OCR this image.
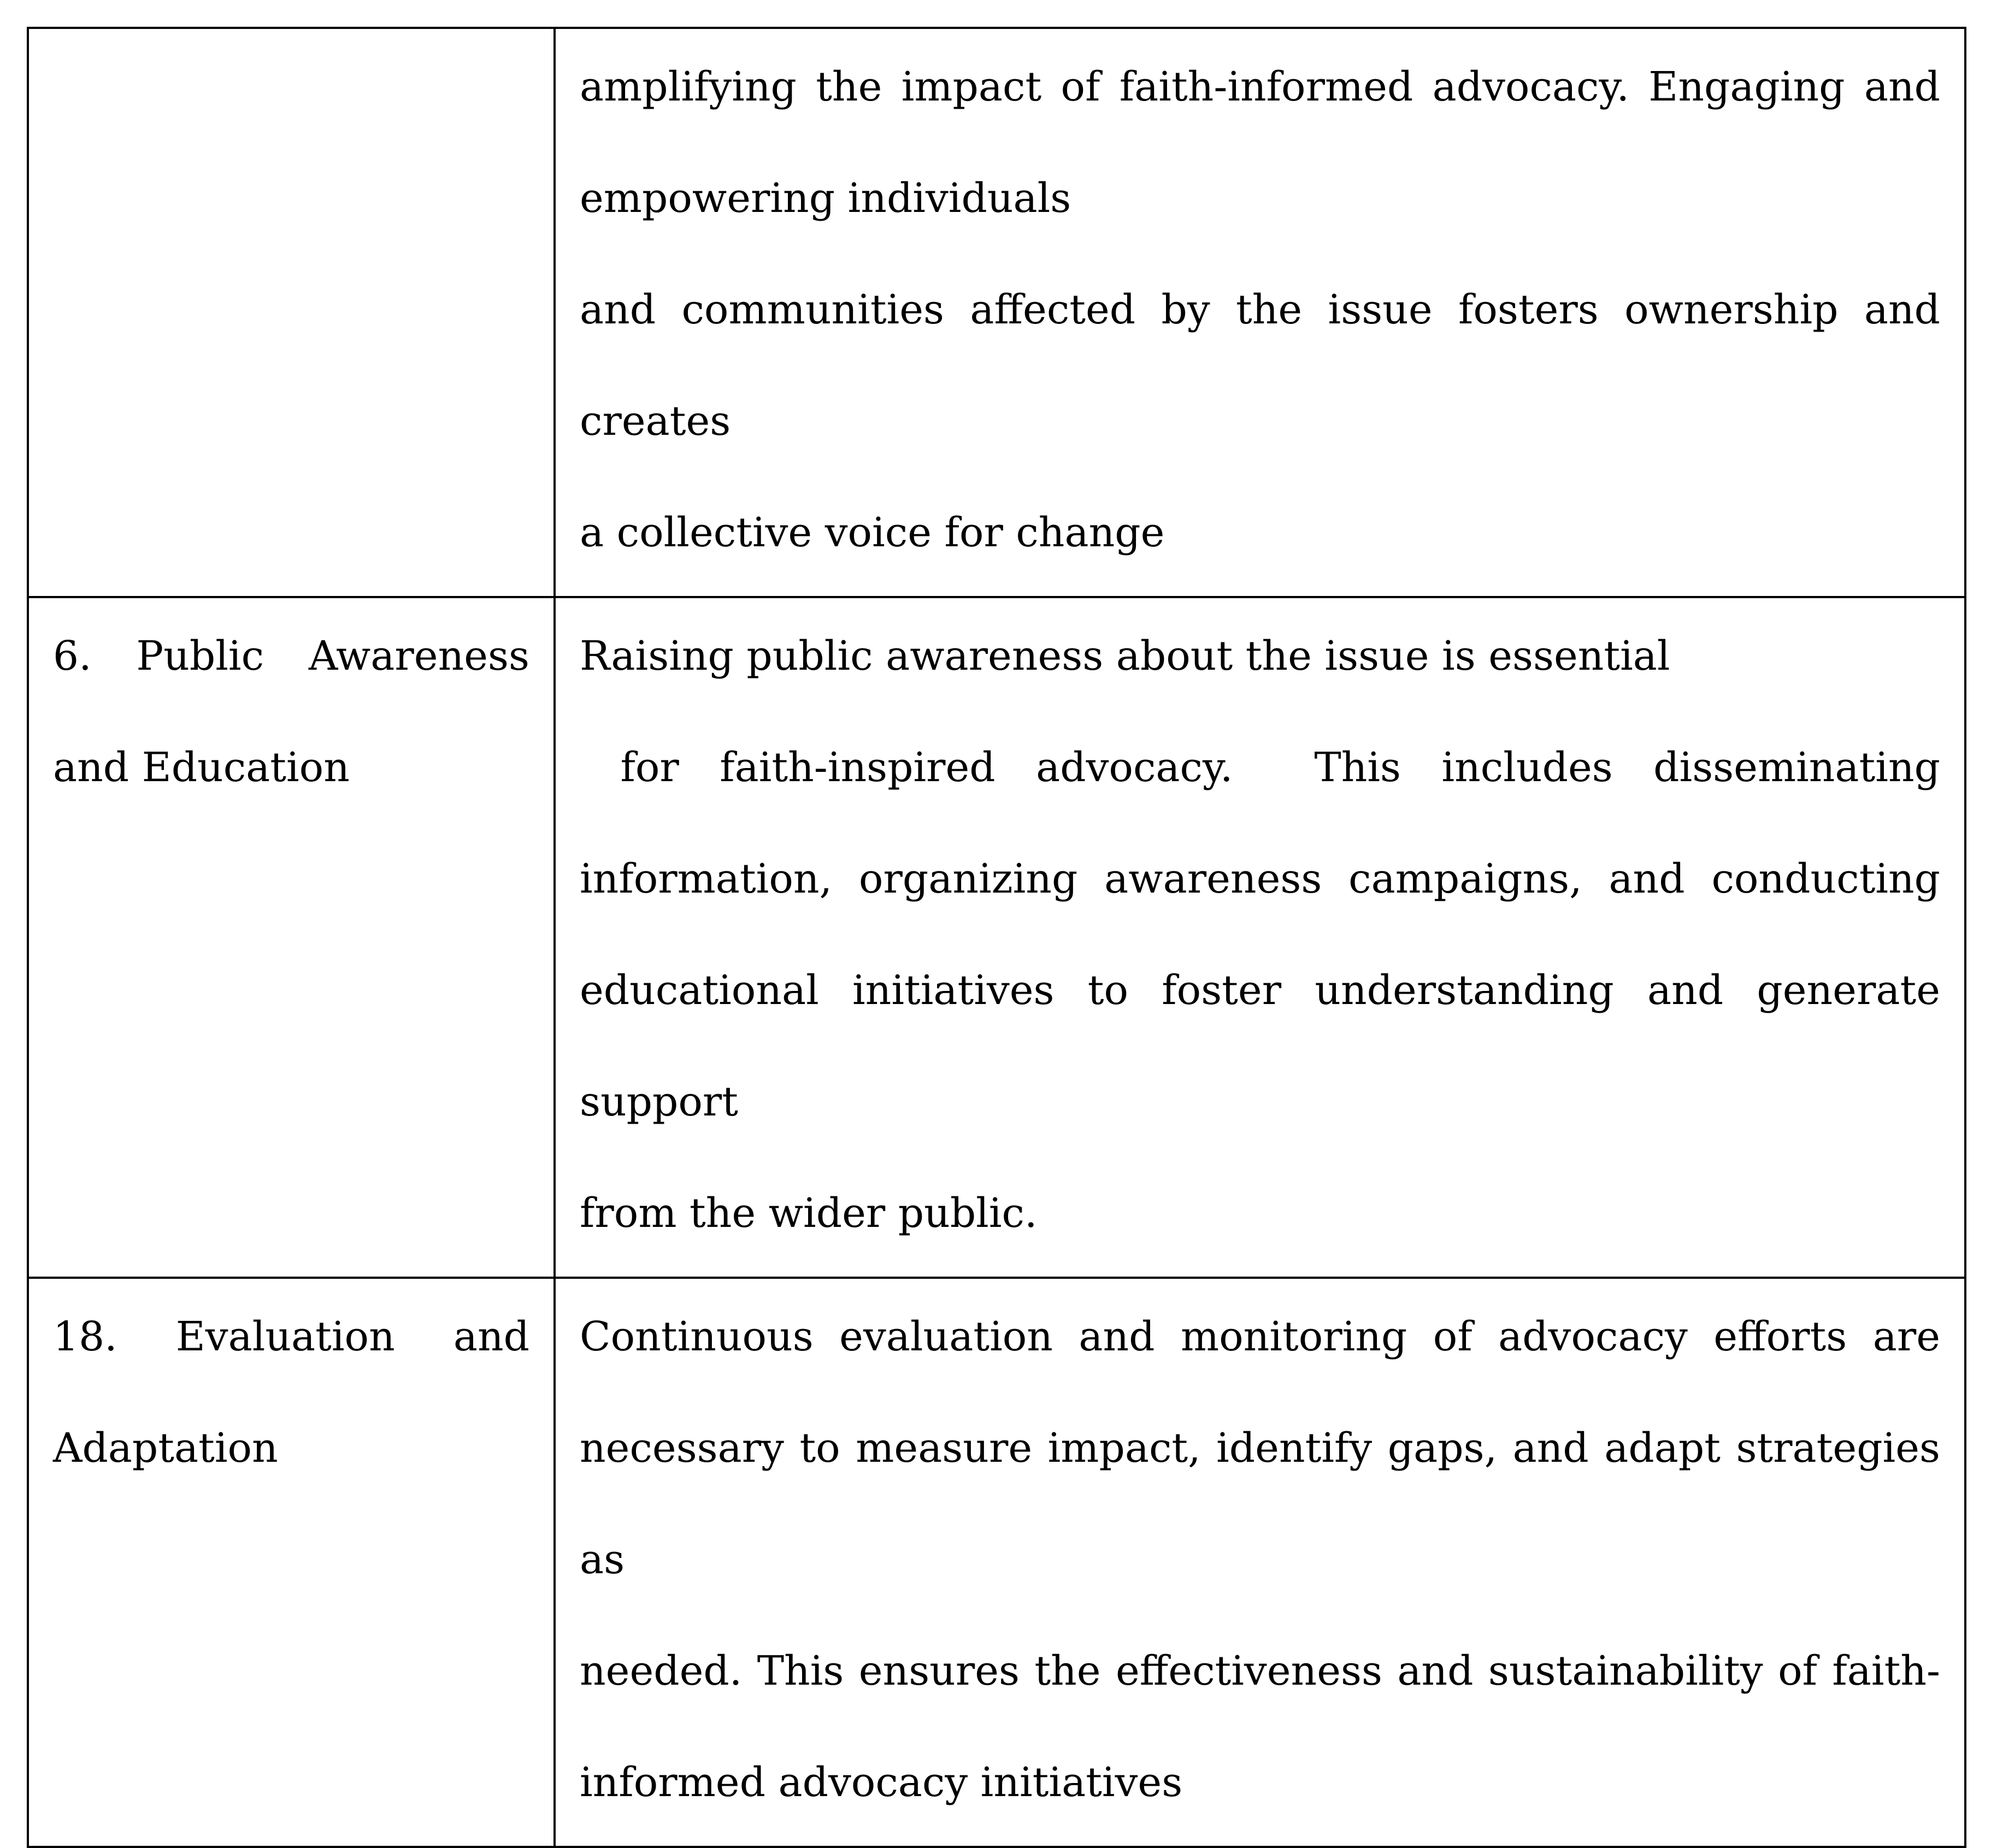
	amplifying the impact of faith-informed advocacy. Engaging and
empowering individuals
and communities affected by the issue fosters ownership and creates
a collective voice for change

6. Public Awareness
and Education	Raising public awareness about the issue is essential
for faith-inspired advocacy.  This includes disseminating
information, organizing awareness campaigns, and conducting
educational initiatives to foster understanding and generate support
from the wider public.

18. Evaluation and
Adaptation	Continuous evaluation and monitoring of advocacy efforts are
necessary to measure impact, identify gaps, and adapt strategies as
needed. This ensures the effectiveness and sustainability of faith-
informed advocacy initiatives
